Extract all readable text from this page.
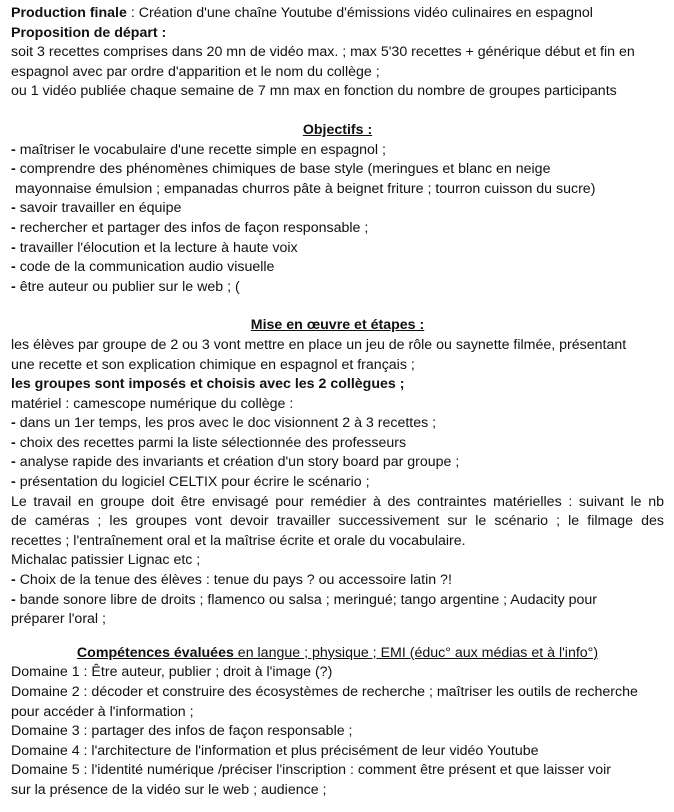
Production finale : Création d'une chaîne Youtube d'émissions vidéo culinaires en espagnol

Proposition de départ :

soit 3 recettes comprises dans 20 mn de vidéo max. ; max 5'30 recettes + générique début et fin en

espagnol avec par ordre d'apparition et le nom du collège ;

ou 1 vidéo publiée chaque semaine de 7 mn max en fonction du nombre de groupes participants

Objectifs :

- maîtriser le vocabulaire d'une recette simple en espagnol ;

- comprendre des phénomènes chimiques de base style (meringues et blanc en neige

mayonnaise émulsion ; empanadas churros pâte à beignet friture ; tourron cuisson du sucre)

- savoir travailler en équipe

- rechercher et partager des infos de façon responsable ;

- travailler l'élocution et la lecture à haute voix

- code de la communication audio visuelle

- être auteur ou publier sur le web ; (

Mise en œuvre et étapes :

les élèves par groupe de 2 ou 3 vont mettre en place un jeu de rôle ou saynette filmée, présentant

une recette et son explication chimique en espagnol et français ;

les groupes sont imposés et choisis avec les 2 collègues ;

matériel : camescope numérique du collège :

- dans un 1er temps, les pros avec le doc visionnent 2 à 3 recettes ;

- choix des recettes parmi la liste sélectionnée des professeurs

- analyse rapide des invariants et création d'un story board par groupe ;

- présentation du logiciel CELTIX pour écrire le scénario ;

Le travail en groupe doit être envisagé pour remédier à des contraintes matérielles : suivant le nb

de caméras ; les groupes vont devoir travailler successivement sur le scénario ; le filmage des

recettes ; l'entraînement oral et la maîtrise écrite et orale du vocabulaire.

Michalac patissier Lignac etc ;

- Choix de la tenue des élèves : tenue du pays ? ou accessoire latin ?!

- bande sonore libre de droits ; flamenco ou salsa ; meringué; tango argentine ; Audacity pour

préparer l'oral ;

Compétences évaluées en langue ; physique ; EMI (éduc° aux médias et à l'info°)

Domaine 1 : Être auteur, publier ; droit à l'image (?)

Domaine 2 : décoder et construire des écosystèmes de recherche ; maîtriser les outils de recherche

pour accéder à l'information ;

Domaine 3 : partager des infos de façon responsable ;

Domaine 4 : l'architecture de l'information et plus précisément de leur vidéo Youtube

Domaine 5 : l'identité numérique /préciser l'inscription : comment être présent et que laisser voir

sur la présence de la vidéo sur le web ; audience ;
